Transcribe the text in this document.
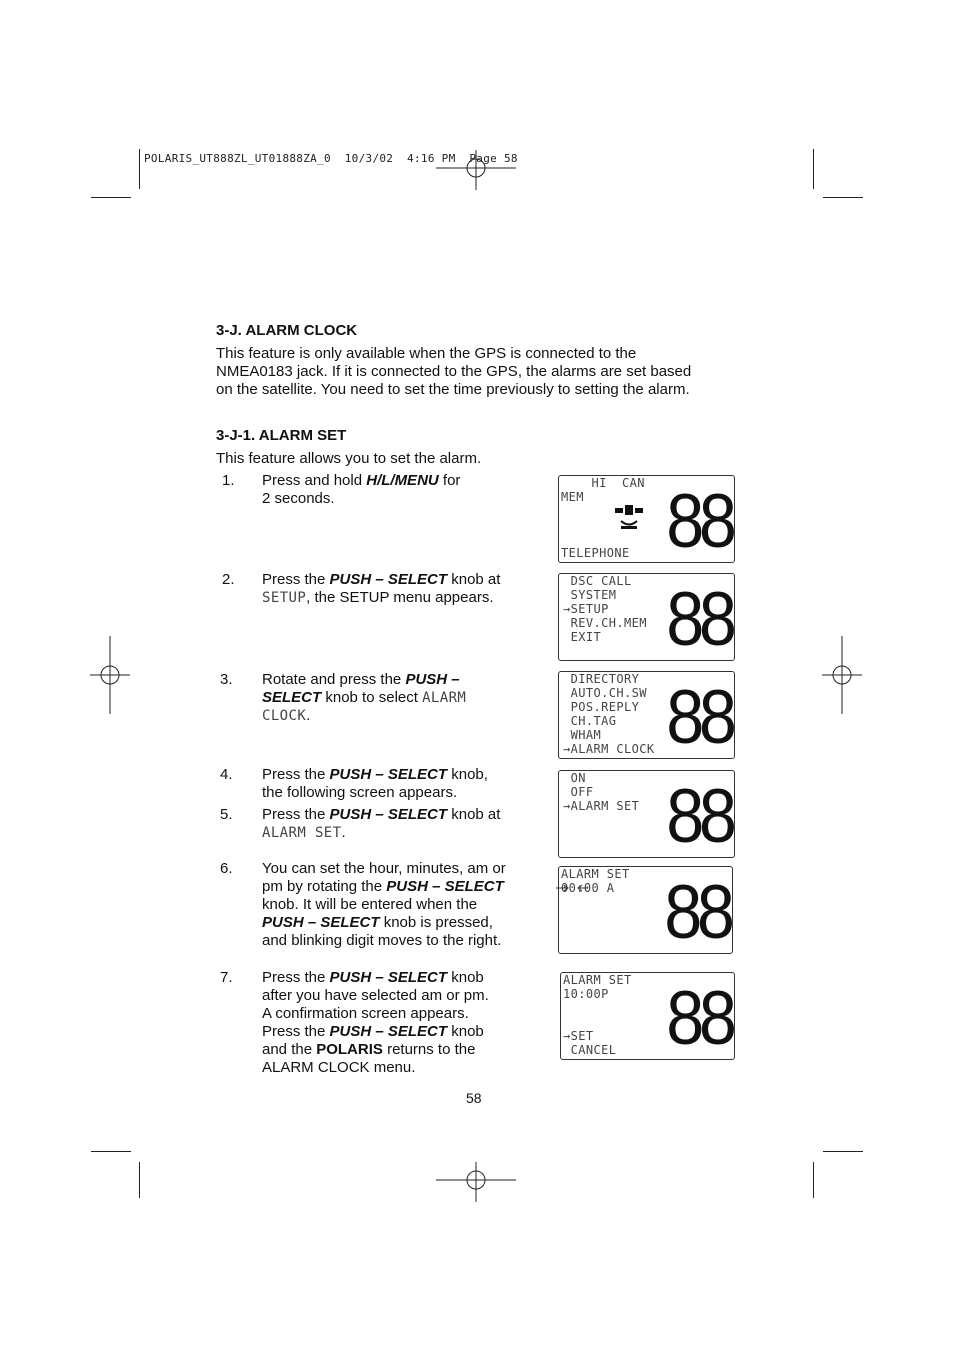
POLARIS_UT888ZL_UT01888ZA_0  10/3/02  4:16 PM  Page 58
3-J. ALARM CLOCK
This feature is only available when the GPS is connected to the
NMEA0183 jack. If it is connected to the GPS, the alarms are set based
on the satellite. You need to set the time previously to setting the alarm.
3-J-1. ALARM SET
This feature allows you to set the alarm.
1.	Press and hold H/L/MENU for
2 seconds.
2.	Press the PUSH – SELECT knob at
SETUP, the SETUP menu appears.
3.	Rotate and press the PUSH –
SELECT knob to select ALARM
CLOCK.
4.	Press the PUSH – SELECT knob,
the following screen appears.
5.	Press the PUSH – SELECT knob at
ALARM SET.
6.	You can set the hour, minutes, am or
pm by rotating the PUSH – SELECT
knob. It will be entered when the
PUSH – SELECT knob is pressed,
and blinking digit moves to the right.
7.	Press the PUSH – SELECT knob
after you have selected am or pm.
A confirmation screen appears.
Press the PUSH – SELECT knob
and the POLARIS returns to the
ALARM CLOCK menu.
HI  CAN
MEM
TELEPHONE 88
DSC CALL
SYSTEM
→SETUP
REV.CH.MEM
EXIT 88
DIRECTORY
AUTO.CH.SW
POS.REPLY
CH.TAG
WHAM
→ALARM CLOCK 88
ON
OFF
→ALARM SET 88
ALARM SET
00:00 A 88
ALARM SET
10:00P
→SET
CANCEL 88
58
